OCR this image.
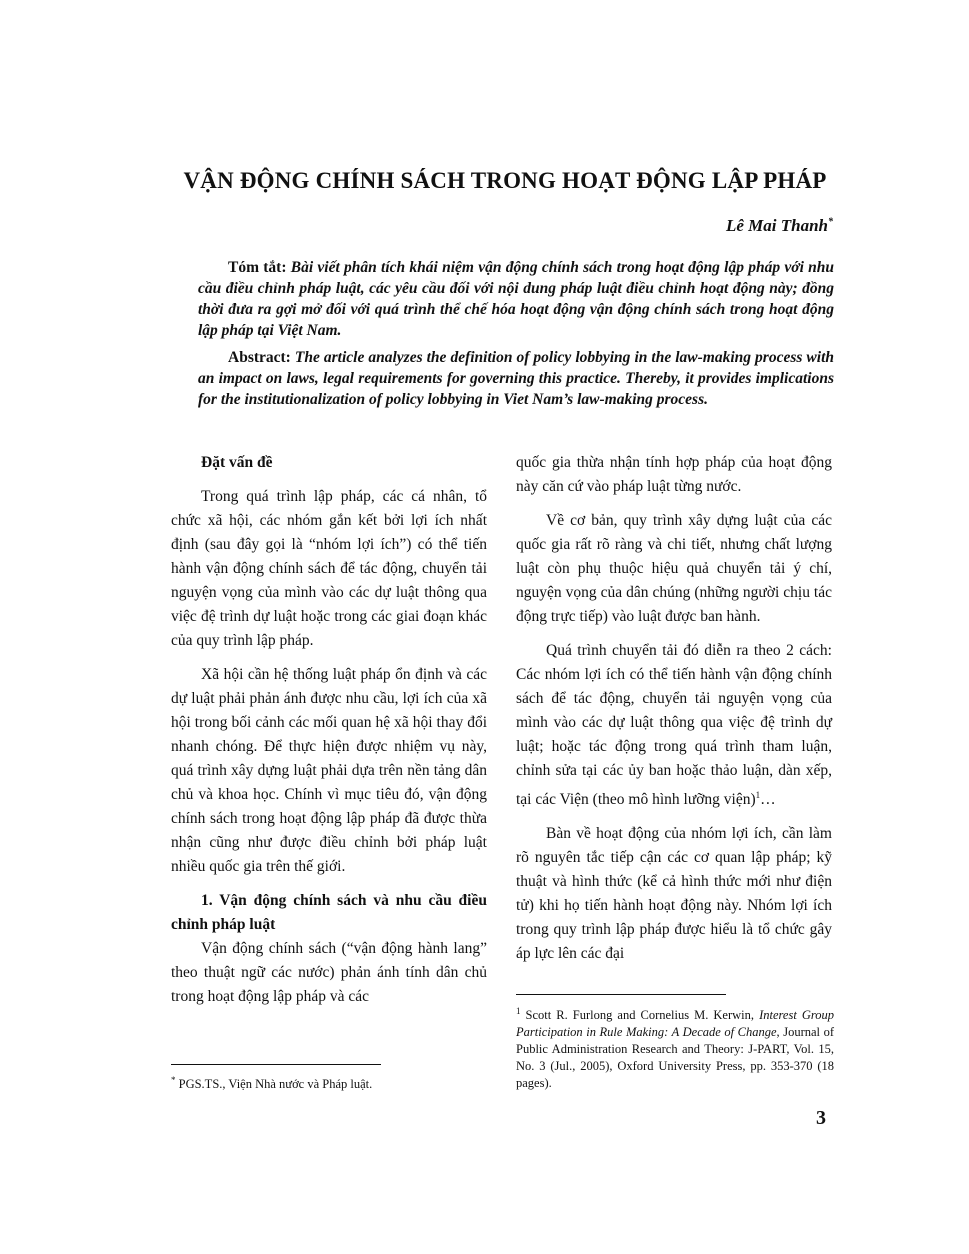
VẬN ĐỘNG CHÍNH SÁCH TRONG HOẠT ĐỘNG LẬP PHÁP
Lê Mai Thanh*
Tóm tắt: Bài viết phân tích khái niệm vận động chính sách trong hoạt động lập pháp với nhu cầu điều chỉnh pháp luật, các yêu cầu đối với nội dung pháp luật điều chỉnh hoạt động này; đồng thời đưa ra gợi mở đối với quá trình thể chế hóa hoạt động vận động chính sách trong hoạt động lập pháp tại Việt Nam.
Abstract: The article analyzes the definition of policy lobbying in the law-making process with an impact on laws, legal requirements for governing this practice. Thereby, it provides implications for the institutionalization of policy lobbying in Viet Nam’s law-making process.
Đặt vấn đề

Trong quá trình lập pháp, các cá nhân, tổ chức xã hội, các nhóm gắn kết bởi lợi ích nhất định (sau đây gọi là “nhóm lợi ích”) có thể tiến hành vận động chính sách để tác động, chuyển tải nguyện vọng của mình vào các dự luật thông qua việc đệ trình dự luật hoặc trong các giai đoạn khác của quy trình lập pháp.

Xã hội cần hệ thống luật pháp ổn định và các dự luật phải phản ánh được nhu cầu, lợi ích của xã hội trong bối cảnh các mối quan hệ xã hội thay đổi nhanh chóng. Để thực hiện được nhiệm vụ này, quá trình xây dựng luật phải dựa trên nền tảng dân chủ và khoa học. Chính vì mục tiêu đó, vận động chính sách trong hoạt động lập pháp đã được thừa nhận cũng như được điều chỉnh bởi pháp luật nhiều quốc gia trên thế giới.

1. Vận động chính sách và nhu cầu điều chỉnh pháp luật

Vận động chính sách (“vận động hành lang” theo thuật ngữ các nước) phản ánh tính dân chủ trong hoạt động lập pháp và các

quốc gia thừa nhận tính hợp pháp của hoạt động này căn cứ vào pháp luật từng nước.

Về cơ bản, quy trình xây dựng luật của các quốc gia rất rõ ràng và chi tiết, nhưng chất lượng luật còn phụ thuộc hiệu quả chuyển tải ý chí, nguyện vọng của dân chúng (những người chịu tác động trực tiếp) vào luật được ban hành.

Quá trình chuyển tải đó diễn ra theo 2 cách: Các nhóm lợi ích có thể tiến hành vận động chính sách để tác động, chuyển tải nguyện vọng của mình vào các dự luật thông qua việc đệ trình dự luật; hoặc tác động trong quá trình tham luận, chỉnh sửa tại các ủy ban hoặc thảo luận, dàn xếp, tại các Viện (theo mô hình lưỡng viện)$^1$…

Bàn về hoạt động của nhóm lợi ích, cần làm rõ nguyên tắc tiếp cận các cơ quan lập pháp; kỹ thuật và hình thức (kể cả hình thức mới như điện tử) khi họ tiến hành hoạt động này. Nhóm lợi ích trong quy trình lập pháp được hiểu là tổ chức gây áp lực lên các đại

* PGS.TS., Viện Nhà nước và Pháp luật.
$^1$ Scott R. Furlong and Cornelius M. Kerwin, Interest Group Participation in Rule Making: A Decade of Change, Journal of Public Administration Research and Theory: J-PART, Vol. 15, No. 3 (Jul., 2005), Oxford University Press, pp. 353-370 (18 pages).
3
